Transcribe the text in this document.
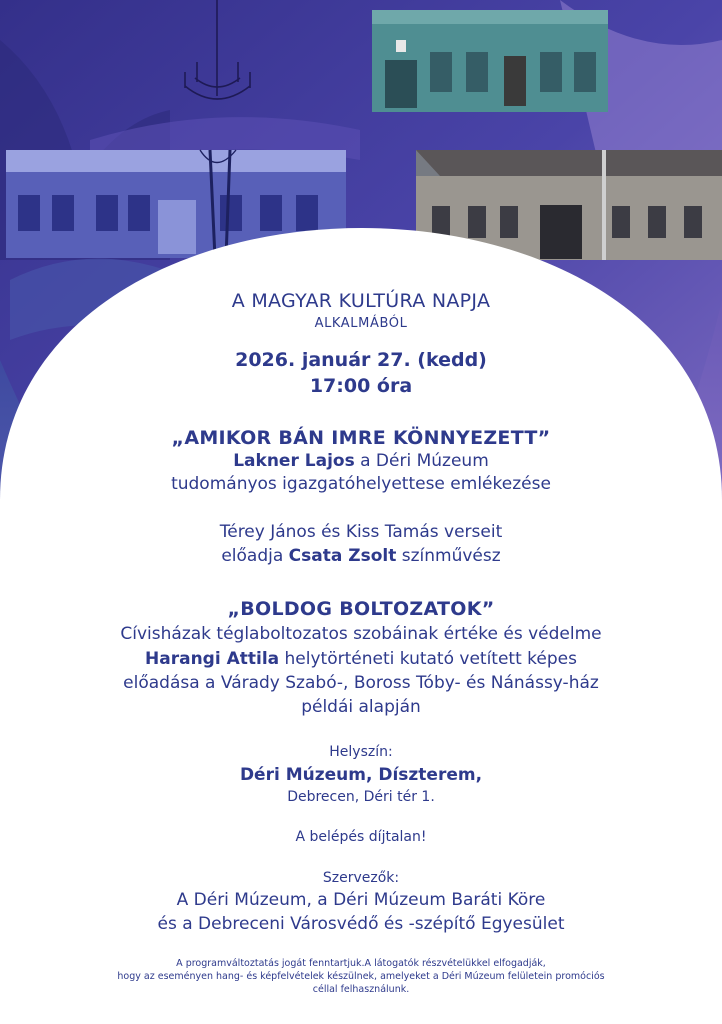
A MAGYAR KULTÚRA NAPJA
ALKALMÁBÓL
2026. január 27. (kedd)
17:00 óra
„AMIKOR BÁN IMRE KÖNNYEZETT”
Lakner Lajos a Déri Múzeum
tudományos igazgatóhelyettese emlékezése
Térey János és Kiss Tamás verseit
előadja Csata Zsolt színművész
„BOLDOG BOLTOZATOK”
Cívisházak téglaboltozatos szobáinak értéke és védelme
Harangi Attila helytörténeti kutató vetített képes
előadása a Várady Szabó-, Boross Tóby- és Nánássy-ház
példái alapján
Helyszín:
Déri Múzeum, Díszterem,
Debrecen, Déri tér 1.
A belépés díjtalan!
Szervezők:
A Déri Múzeum, a Déri Múzeum Baráti Köre
és a Debreceni Városvédő és -szépítő Egyesület
A programváltoztatás jogát fenntartjuk.A látogatók részvételükkel elfogadják,
hogy az eseményen hang- és képfelvételek készülnek, amelyeket a Déri Múzeum felületein promóciós
céllal felhasználunk.
